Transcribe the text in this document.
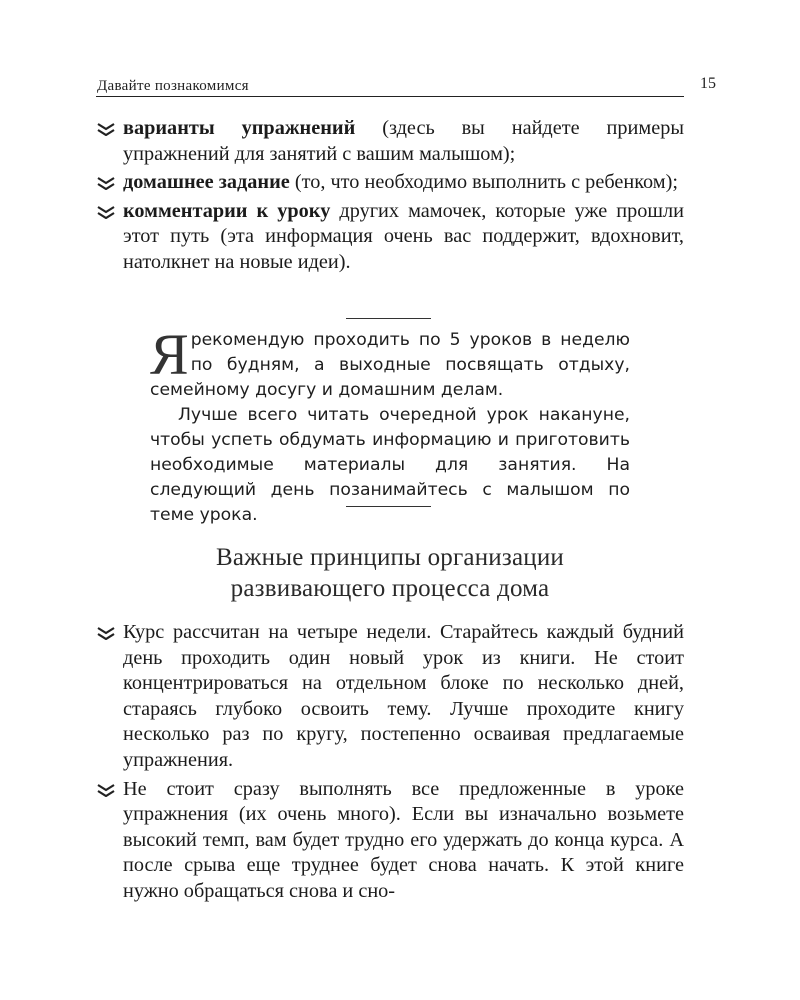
Давайте познакомимся	15
варианты упражнений (здесь вы найдете примеры упражнений для занятий с вашим малышом);
домашнее задание (то, что необходимо выполнить с ребенком);
комментарии к уроку других мамочек, которые уже прошли этот путь (эта информация очень вас поддержит, вдохновит, натолкнет на новые идеи).

Ярекомендую проходить по 5 уроков в неделю по будням, а выходные посвящать отдыху, семейному досугу и домашним делам.

Лучше всего читать очередной урок накануне, чтобы успеть обдумать информацию и приготовить необходимые материалы для занятия. На следующий день позанимайтесь с малышом по теме урока.

Важные принципы организации
развивающего процесса дома
Курс рассчитан на четыре недели. Старайтесь каждый будний день проходить один новый урок из книги. Не стоит концентрироваться на отдельном блоке по несколько дней, стараясь глубоко освоить тему. Лучше проходите книгу несколько раз по кругу, постепенно осваивая предлагаемые упражнения.
Не стоит сразу выполнять все предложенные в уроке упражнения (их очень много). Если вы изначально возьмете высокий темп, вам будет трудно его удержать до конца курса. А после срыва еще труднее будет снова начать. К этой книге нужно обращаться снова и сно-
